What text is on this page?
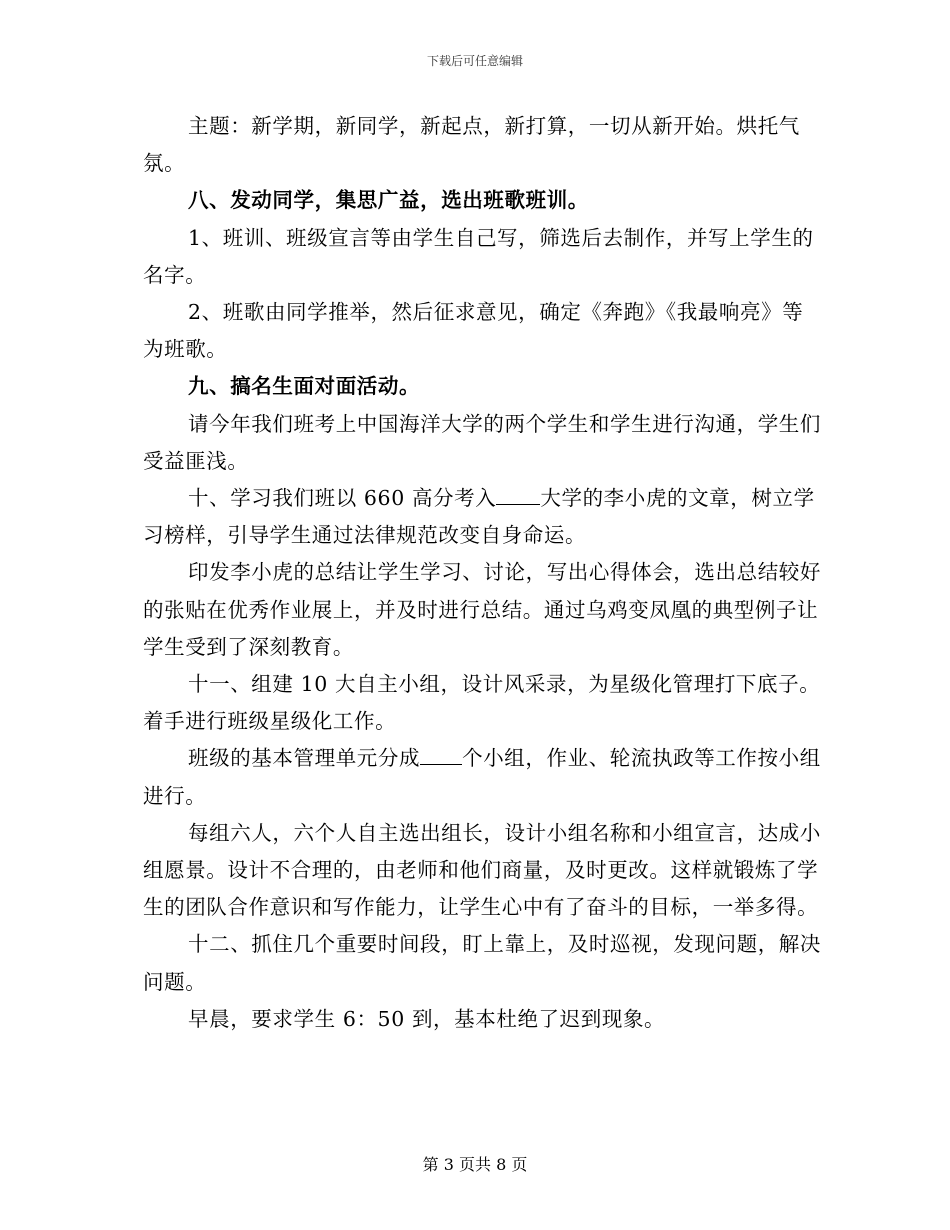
下载后可任意编辑

主题：新学期，新同学，新起点，新打算，一切从新开始。烘托气氛。

八、发动同学，集思广益，选出班歌班训。

1、班训、班级宣言等由学生自己写，筛选后去制作，并写上学生的名字。

2、班歌由同学推举，然后征求意见，确定《奔跑》《我最响亮》等为班歌。

九、搞名生面对面活动。

请今年我们班考上中国海洋大学的两个学生和学生进行沟通，学生们受益匪浅。

十、学习我们班以 660 高分考入 大学的李小虎的文章，树立学习榜样，引导学生通过法律规范改变自身命运。

印发李小虎的总结让学生学习、讨论，写出心得体会，选出总结较好的张贴在优秀作业展上，并及时进行总结。通过乌鸡变凤凰的典型例子让学生受到了深刻教育。

十一、组建 10 大自主小组，设计风采录，为星级化管理打下底子。着手进行班级星级化工作。

班级的基本管理单元分成 个小组，作业、轮流执政等工作按小组进行。

每组六人，六个人自主选出组长，设计小组名称和小组宣言，达成小组愿景。设计不合理的，由老师和他们商量，及时更改。这样就锻炼了学生的团队合作意识和写作能力，让学生心中有了奋斗的目标，一举多得。

十二、抓住几个重要时间段，盯上靠上，及时巡视，发现问题，解决问题。

早晨，要求学生 6：50 到，基本杜绝了迟到现象。

第 3 页共 8 页
